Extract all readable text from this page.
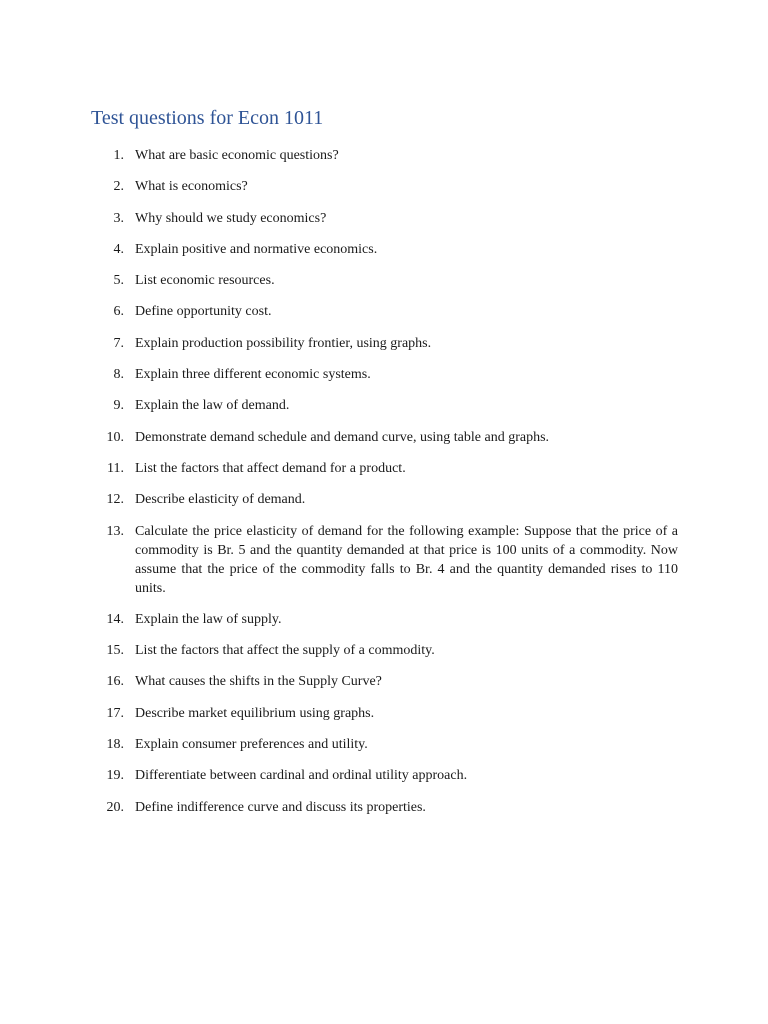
Test questions for Econ 1011
1. What are basic economic questions?
2. What is economics?
3. Why should we study economics?
4. Explain positive and normative economics.
5. List economic resources.
6. Define opportunity cost.
7. Explain production possibility frontier, using graphs.
8. Explain three different economic systems.
9. Explain the law of demand.
10. Demonstrate demand schedule and demand curve, using table and graphs.
11. List the factors that affect demand for a product.
12. Describe elasticity of demand.
13. Calculate the price elasticity of demand for the following example: Suppose that the price of a commodity is Br. 5 and the quantity demanded at that price is 100 units of a commodity. Now assume that the price of the commodity falls to Br. 4 and the quantity demanded rises to 110 units.
14. Explain the law of supply.
15. List the factors that affect the supply of a commodity.
16. What causes the shifts in the Supply Curve?
17. Describe market equilibrium using graphs.
18. Explain consumer preferences and utility.
19. Differentiate between cardinal and ordinal utility approach.
20. Define indifference curve and discuss its properties.
